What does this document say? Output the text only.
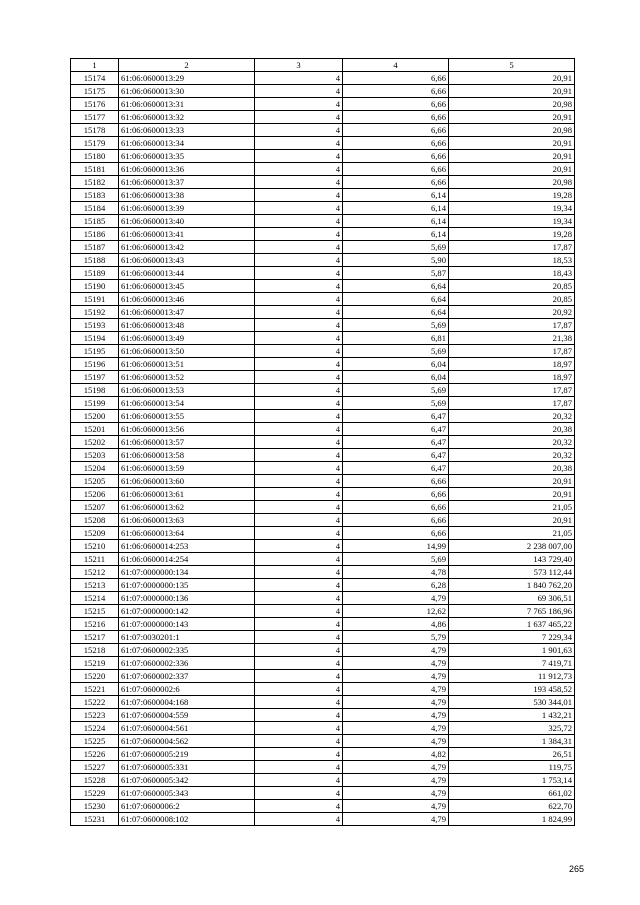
1	2	3	4	5
15174	61:06:0600013:29	4	6,66	20,91
15175	61:06:0600013:30	4	6,66	20,91
15176	61:06:0600013:31	4	6,66	20,98
15177	61:06:0600013:32	4	6,66	20,91
15178	61:06:0600013:33	4	6,66	20,98
15179	61:06:0600013:34	4	6,66	20,91
15180	61:06:0600013:35	4	6,66	20,91
15181	61:06:0600013:36	4	6,66	20,91
15182	61:06:0600013:37	4	6,66	20,98
15183	61:06:0600013:38	4	6,14	19,28
15184	61:06:0600013:39	4	6,14	19,34
15185	61:06:0600013:40	4	6,14	19,34
15186	61:06:0600013:41	4	6,14	19,28
15187	61:06:0600013:42	4	5,69	17,87
15188	61:06:0600013:43	4	5,90	18,53
15189	61:06:0600013:44	4	5,87	18,43
15190	61:06:0600013:45	4	6,64	20,85
15191	61:06:0600013:46	4	6,64	20,85
15192	61:06:0600013:47	4	6,64	20,92
15193	61:06:0600013:48	4	5,69	17,87
15194	61:06:0600013:49	4	6,81	21,38
15195	61:06:0600013:50	4	5,69	17,87
15196	61:06:0600013:51	4	6,04	18,97
15197	61:06:0600013:52	4	6,04	18,97
15198	61:06:0600013:53	4	5,69	17,87
15199	61:06:0600013:54	4	5,69	17,87
15200	61:06:0600013:55	4	6,47	20,32
15201	61:06:0600013:56	4	6,47	20,38
15202	61:06:0600013:57	4	6,47	20,32
15203	61:06:0600013:58	4	6,47	20,32
15204	61:06:0600013:59	4	6,47	20,38
15205	61:06:0600013:60	4	6,66	20,91
15206	61:06:0600013:61	4	6,66	20,91
15207	61:06:0600013:62	4	6,66	21,05
15208	61:06:0600013:63	4	6,66	20,91
15209	61:06:0600013:64	4	6,66	21,05
15210	61:06:0600014:253	4	14,99	2 238 007,00
15211	61:06:0600014:254	4	5,69	143 729,40
15212	61:07:0000000:134	4	4,78	573 112,44
15213	61:07:0000000:135	4	6,28	1 840 762,20
15214	61:07:0000000:136	4	4,79	69 306,51
15215	61:07:0000000:142	4	12,62	7 765 186,96
15216	61:07:0000000:143	4	4,86	1 637 465,22
15217	61:07:0030201:1	4	5,79	7 229,34
15218	61:07:0600002:335	4	4,79	1 901,63
15219	61:07:0600002:336	4	4,79	7 419,71
15220	61:07:0600002:337	4	4,79	11 912,73
15221	61:07:0600002:6	4	4,79	193 458,52
15222	61:07:0600004:168	4	4,79	530 344,01
15223	61:07:0600004:559	4	4,79	1 432,21
15224	61:07:0600004:561	4	4,79	325,72
15225	61:07:0600004:562	4	4,79	1 384,31
15226	61:07:0600005:219	4	4,82	26,51
15227	61:07:0600005:331	4	4,79	119,75
15228	61:07:0600005:342	4	4,79	1 753,14
15229	61:07:0600005:343	4	4,79	661,02
15230	61:07:0600006:2	4	4,79	622,70
15231	61:07:0600008:102	4	4,79	1 824,99
265
